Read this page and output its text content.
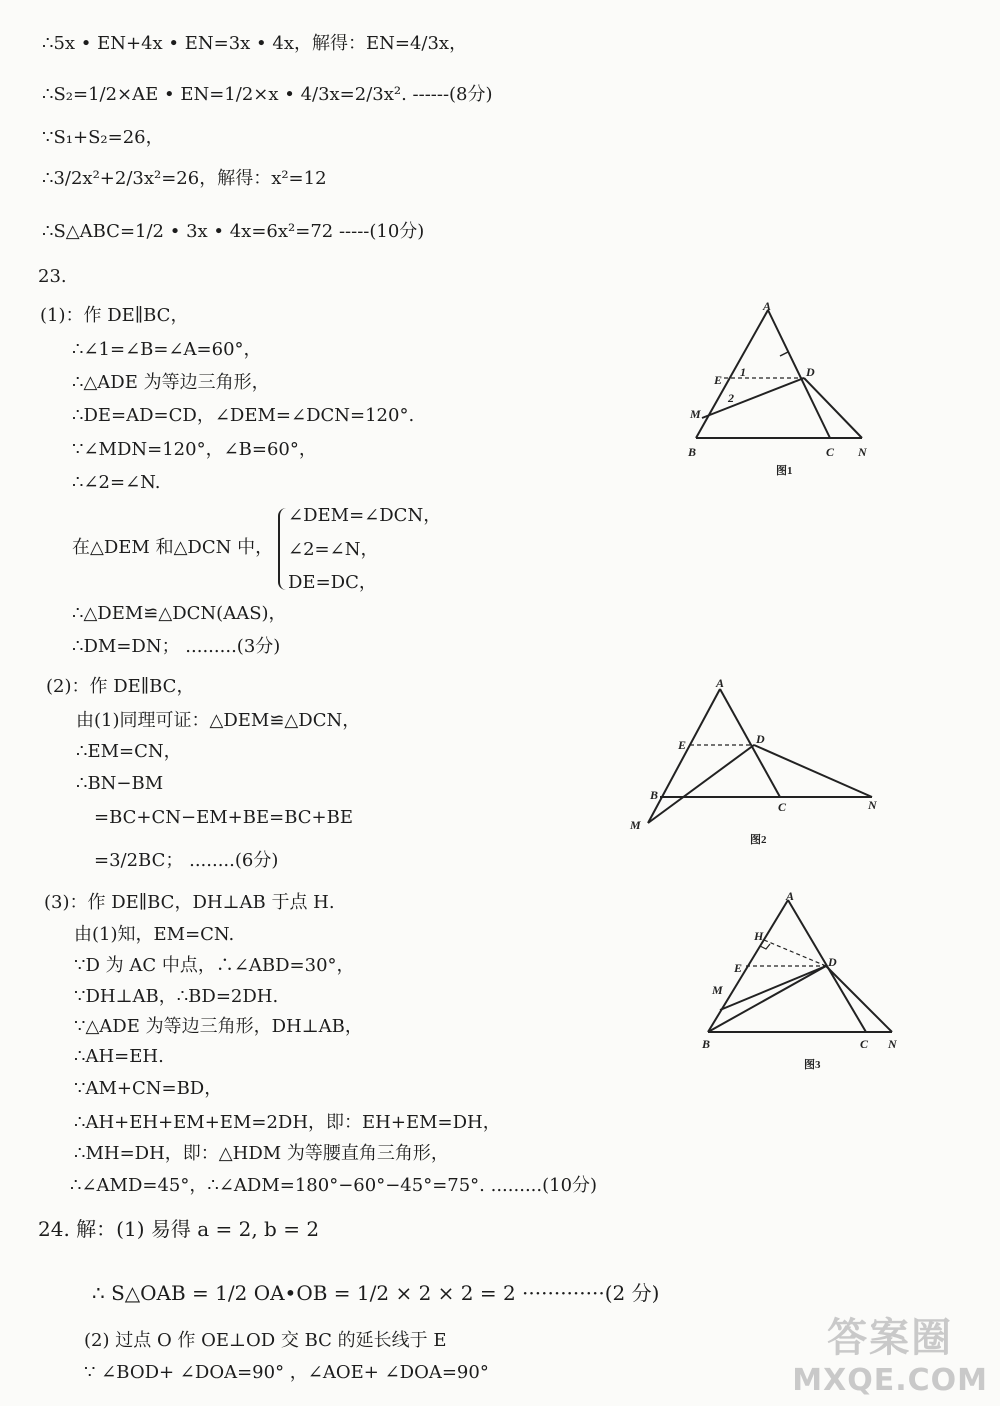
∴5x • EN+4x • EN=3x • 4x，解得：EN=4/3x，
∴S₂=1/2×AE • EN=1/2×x • 4/3x=2/3x². ------(8分)
∵S₁+S₂=26，
∴3/2x²+2/3x²=26，解得：x²=12
∴S△ABC=1/2 • 3x • 4x=6x²=72 -----(10分)
23.
(1)：作 DE∥BC，
∴∠1=∠B=∠A=60°，
∴△ADE 为等边三角形，
∴DE=AD=CD，∠DEM=∠DCN=120°.
∵∠MDN=120°，∠B=60°，
∴∠2=∠N.
在△DEM 和△DCN 中，
∠DEM=∠DCN，
∠2=∠N，
DE=DC，
∴△DEM≌△DCN(AAS)，
∴DM=DN； .........(3分)
(2)：作 DE∥BC，
由(1)同理可证：△DEM≌△DCN，
∴EM=CN，
∴BN−BM
=BC+CN−EM+BE=BC+BE
=3/2BC； ........(6分)
(3)：作 DE∥BC，DH⊥AB 于点 H.
由(1)知，EM=CN.
∵D 为 AC 中点，∴∠ABD=30°，
∵DH⊥AB，∴BD=2DH.
∵△ADE 为等边三角形，DH⊥AB，
∴AH=EH.
∵AM+CN=BD，
∴AH+EH+EM+EM=2DH，即：EH+EM=DH，
∴MH=DH，即：△HDM 为等腰直角三角形，
∴∠AMD=45°，∴∠ADM=180°−60°−45°=75°. .........(10分)
24. 解：(1) 易得 a = 2, b = 2
∴ S△OAB = 1/2 OA•OB = 1/2 × 2 × 2 = 2 ·············(2 分)
(2) 过点 O 作 OE⊥OD 交 BC 的延长线于 E
∵ ∠BOD+ ∠DOA=90° ，∠AOE+ ∠DOA=90°
A
E
D
M
B	C N
1
2
图1
A
E	D
B
C	N
M
图2
A
H
E	D
M
B	C N
图3
答案圈
MXQE.COM
